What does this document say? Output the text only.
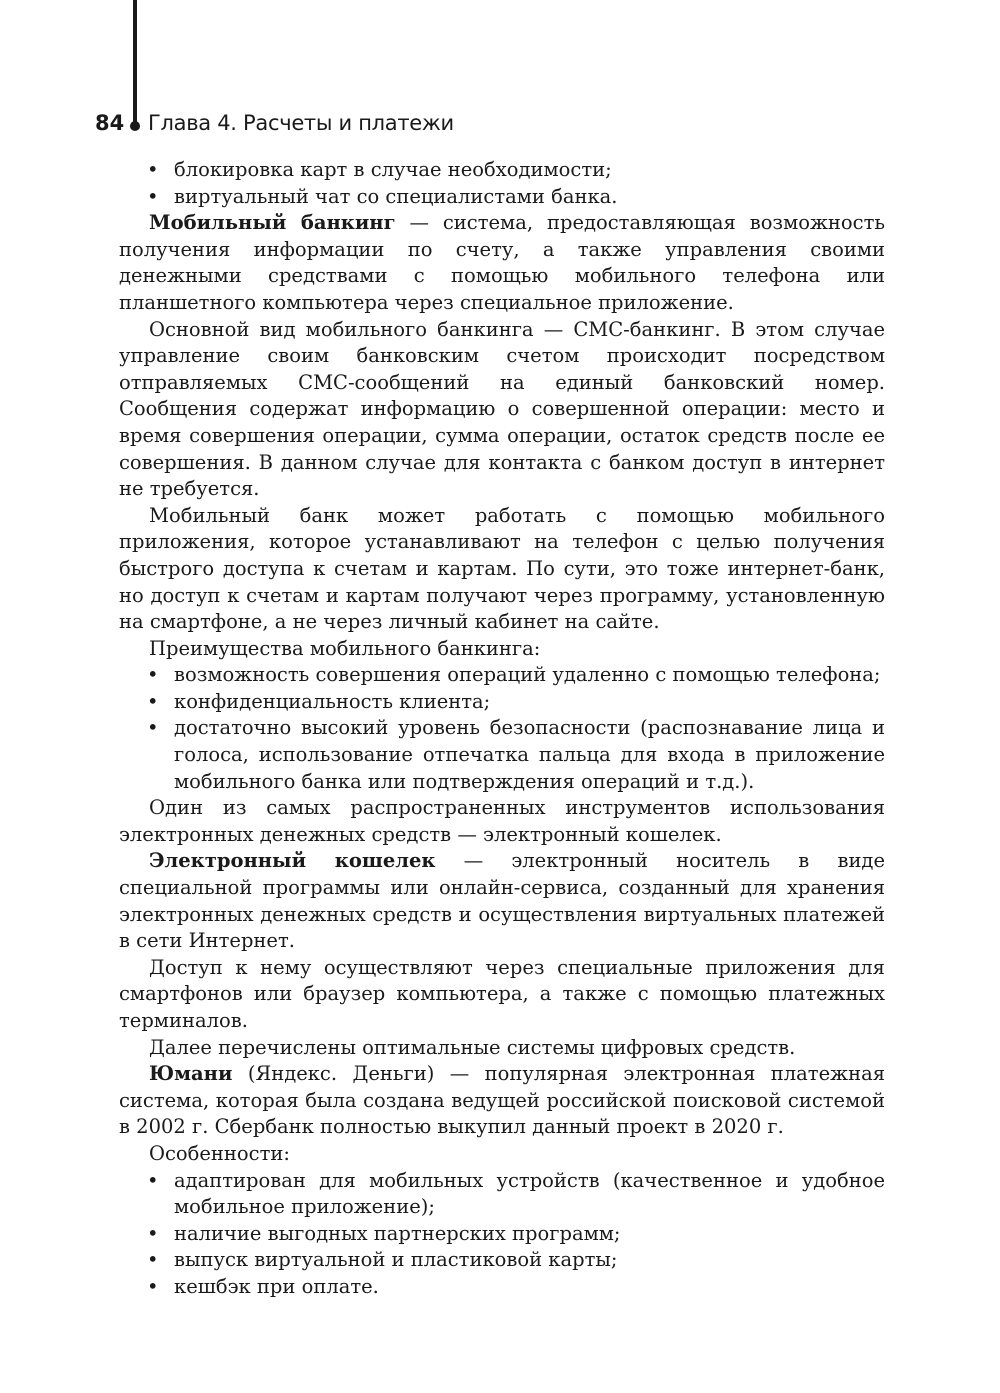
84 Глава 4. Расчеты и платежи
• блокировка карт в случае необходимости;
• виртуальный чат со специалистами банка.

Мобильный банкинг — система, предоставляющая возможность получения информации по счету, а также управления своими денежными средствами с помощью мобильного телефона или планшетного компьютера через специальное приложение.

Основной вид мобильного банкинга — СМС-банкинг. В этом случае управление своим банковским счетом происходит посредством отправляемых СМС-сообщений на единый банковский номер. Сообщения содержат информацию о совершенной операции: место и время совершения операции, сумма операции, остаток средств после ее совершения. В данном случае для контакта с банком доступ в интернет не требуется.

Мобильный банк может работать с помощью мобильного приложения, которое устанавливают на телефон с целью получения быстрого доступа к счетам и картам. По сути, это тоже интернет-банк, но доступ к счетам и картам получают через программу, установленную на смартфоне, а не через личный кабинет на сайте.

Преимущества мобильного банкинга:

• возможность совершения операций удаленно с помощью телефона;
• конфиденциальность клиента;
• достаточно высокий уровень безопасности (распознавание лица и голоса, использование отпечатка пальца для входа в приложение мобильного банка или подтверждения операций и т.д.).

Один из самых распространенных инструментов использования электронных денежных средств — электронный кошелек.

Электронный кошелек — электронный носитель в виде специальной программы или онлайн-сервиса, созданный для хранения электронных денежных средств и осуществления виртуальных платежей в сети Интернет.

Доступ к нему осуществляют через специальные приложения для смартфонов или браузер компьютера, а также с помощью платежных терминалов.

Далее перечислены оптимальные системы цифровых средств.

Юмани (Яндекс. Деньги) — популярная электронная платежная система, которая была создана ведущей российской поисковой системой в 2002 г. Сбербанк полностью выкупил данный проект в 2020 г.

Особенности:

• адаптирован для мобильных устройств (качественное и удобное мобильное приложение);
• наличие выгодных партнерских программ;
• выпуск виртуальной и пластиковой карты;
• кешбэк при оплате.
